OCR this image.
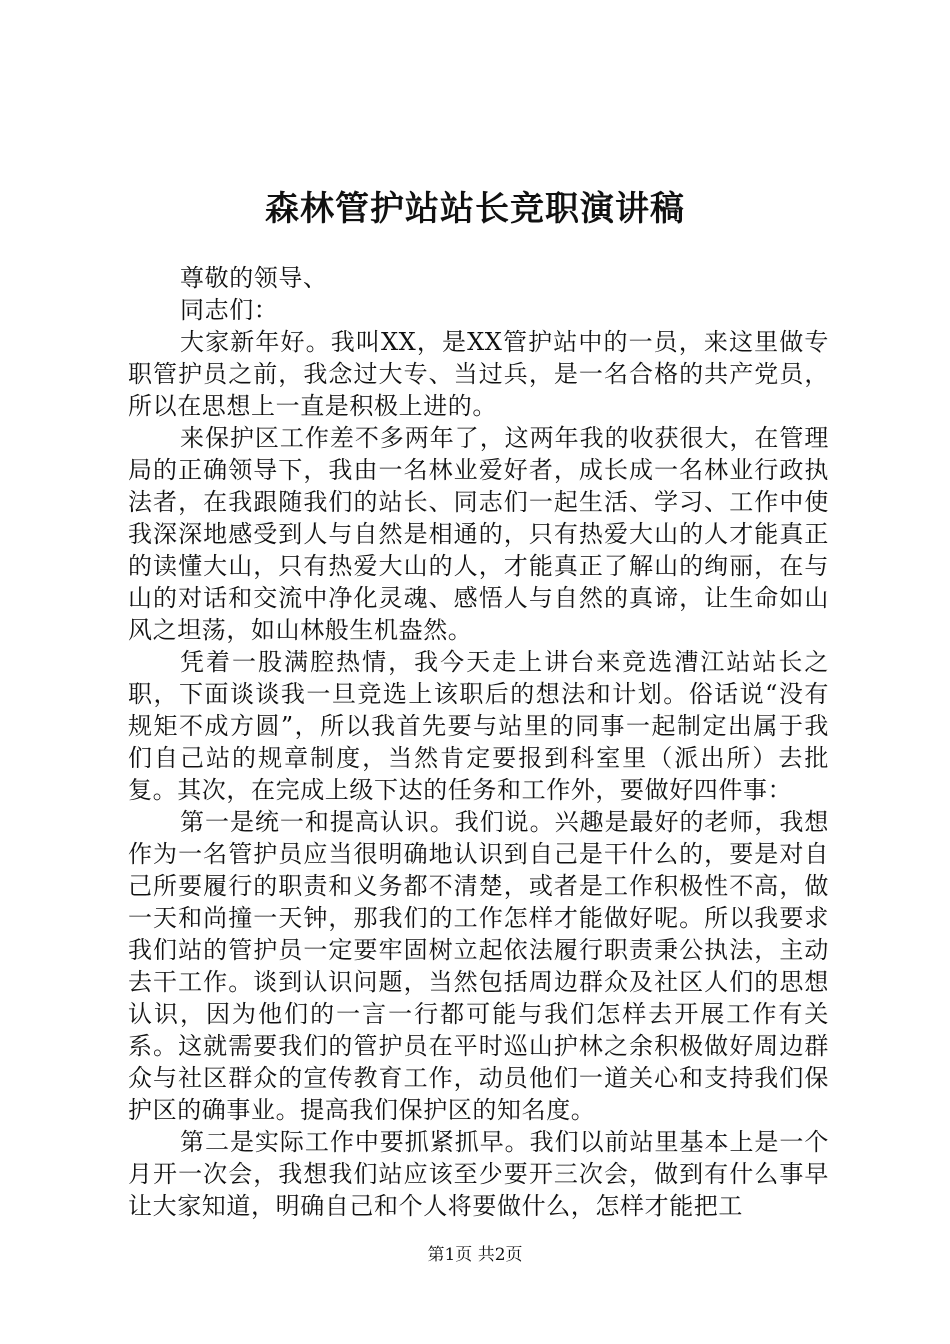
森林管护站站长竞职演讲稿

尊敬的领导、

同志们：

大家新年好。我叫XX，是XX管护站中的一员，来这里做专职管护员之前，我念过大专、当过兵，是一名合格的共产党员，所以在思想上一直是积极上进的。

来保护区工作差不多两年了，这两年我的收获很大，在管理局的正确领导下，我由一名林业爱好者，成长成一名林业行政执法者，在我跟随我们的站长、同志们一起生活、学习、工作中使我深深地感受到人与自然是相通的，只有热爱大山的人才能真正的读懂大山，只有热爱大山的人，才能真正了解山的绚丽，在与山的对话和交流中净化灵魂、感悟人与自然的真谛，让生命如山风之坦荡，如山林般生机盎然。

凭着一股满腔热情，我今天走上讲台来竞选漕江站站长之职，下面谈谈我一旦竞选上该职后的想法和计划。俗话说“没有规矩不成方圆”，所以我首先要与站里的同事一起制定出属于我们自己站的规章制度，当然肯定要报到科室里（派出所）去批复。其次，在完成上级下达的任务和工作外，要做好四件事：

第一是统一和提高认识。我们说。兴趣是最好的老师，我想作为一名管护员应当很明确地认识到自己是干什么的，要是对自己所要履行的职责和义务都不清楚，或者是工作积极性不高，做一天和尚撞一天钟，那我们的工作怎样才能做好呢。所以我要求我们站的管护员一定要牢固树立起依法履行职责秉公执法，主动去干工作。谈到认识问题，当然包括周边群众及社区人们的思想认识，因为他们的一言一行都可能与我们怎样去开展工作有关系。这就需要我们的管护员在平时巡山护林之余积极做好周边群众与社区群众的宣传教育工作，动员他们一道关心和支持我们保护区的确事业。提高我们保护区的知名度。

第二是实际工作中要抓紧抓早。我们以前站里基本上是一个月开一次会，我想我们站应该至少要开三次会，做到有什么事早让大家知道，明确自己和个人将要做什么，怎样才能把工

第1页 共2页
